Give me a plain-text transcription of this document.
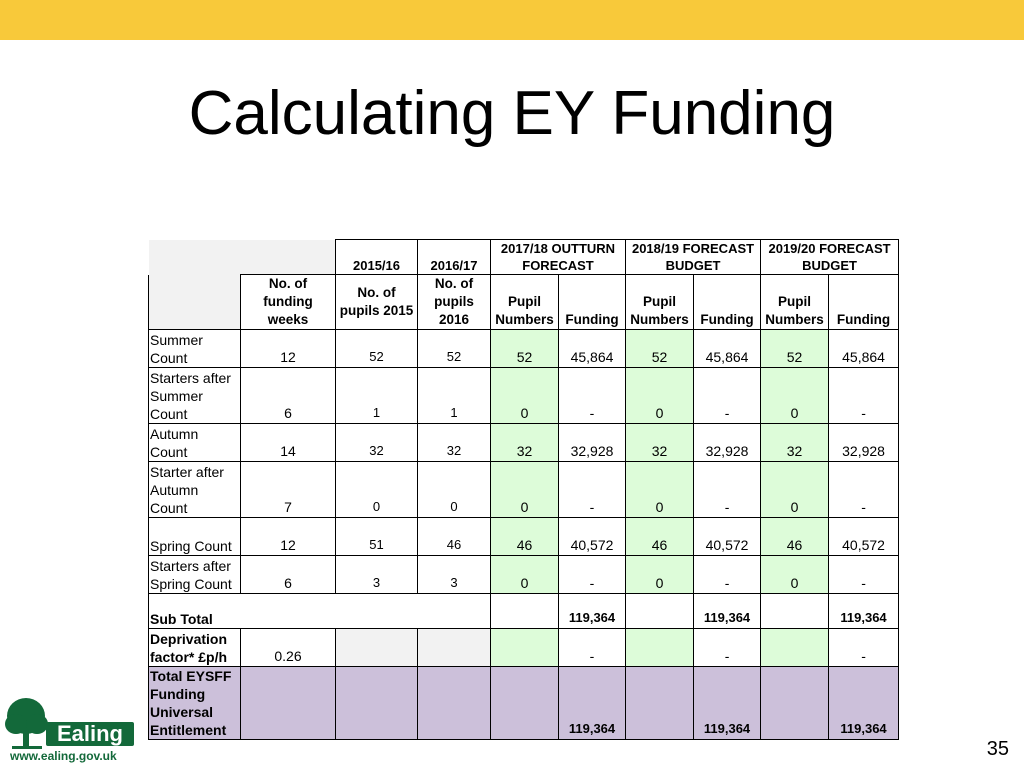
Calculating EY Funding
		2015/16	2016/17	2017/18 OUTTURN FORECAST		2018/19 FORECAST BUDGET		2019/20 FORECAST BUDGET	
	No. of funding weeks	No. of pupils 2015	No. of pupils 2016	Pupil Numbers	Funding	Pupil Numbers	Funding	Pupil Numbers	Funding
Summer Count	12	52	52	52	45,864	52	45,864	52	45,864
Starters after Summer Count	6	1	1	0	-	0	-	0	-
Autumn Count	14	32	32	32	32,928	32	32,928	32	32,928
Starter after Autumn Count	7	0	0	0	-	0	-	0	-
Spring Count	12	51	46	46	40,572	46	40,572	46	40,572
Starters after Spring Count	6	3	3	0	-	0	-	0	-
Sub Total					119,364		119,364		119,364
Deprivation factor* £p/h	0.26				-		-		-
Total EYSFF Funding Universal Entitlement					119,364		119,364		119,364
Ealing
www.ealing.gov.uk	35
